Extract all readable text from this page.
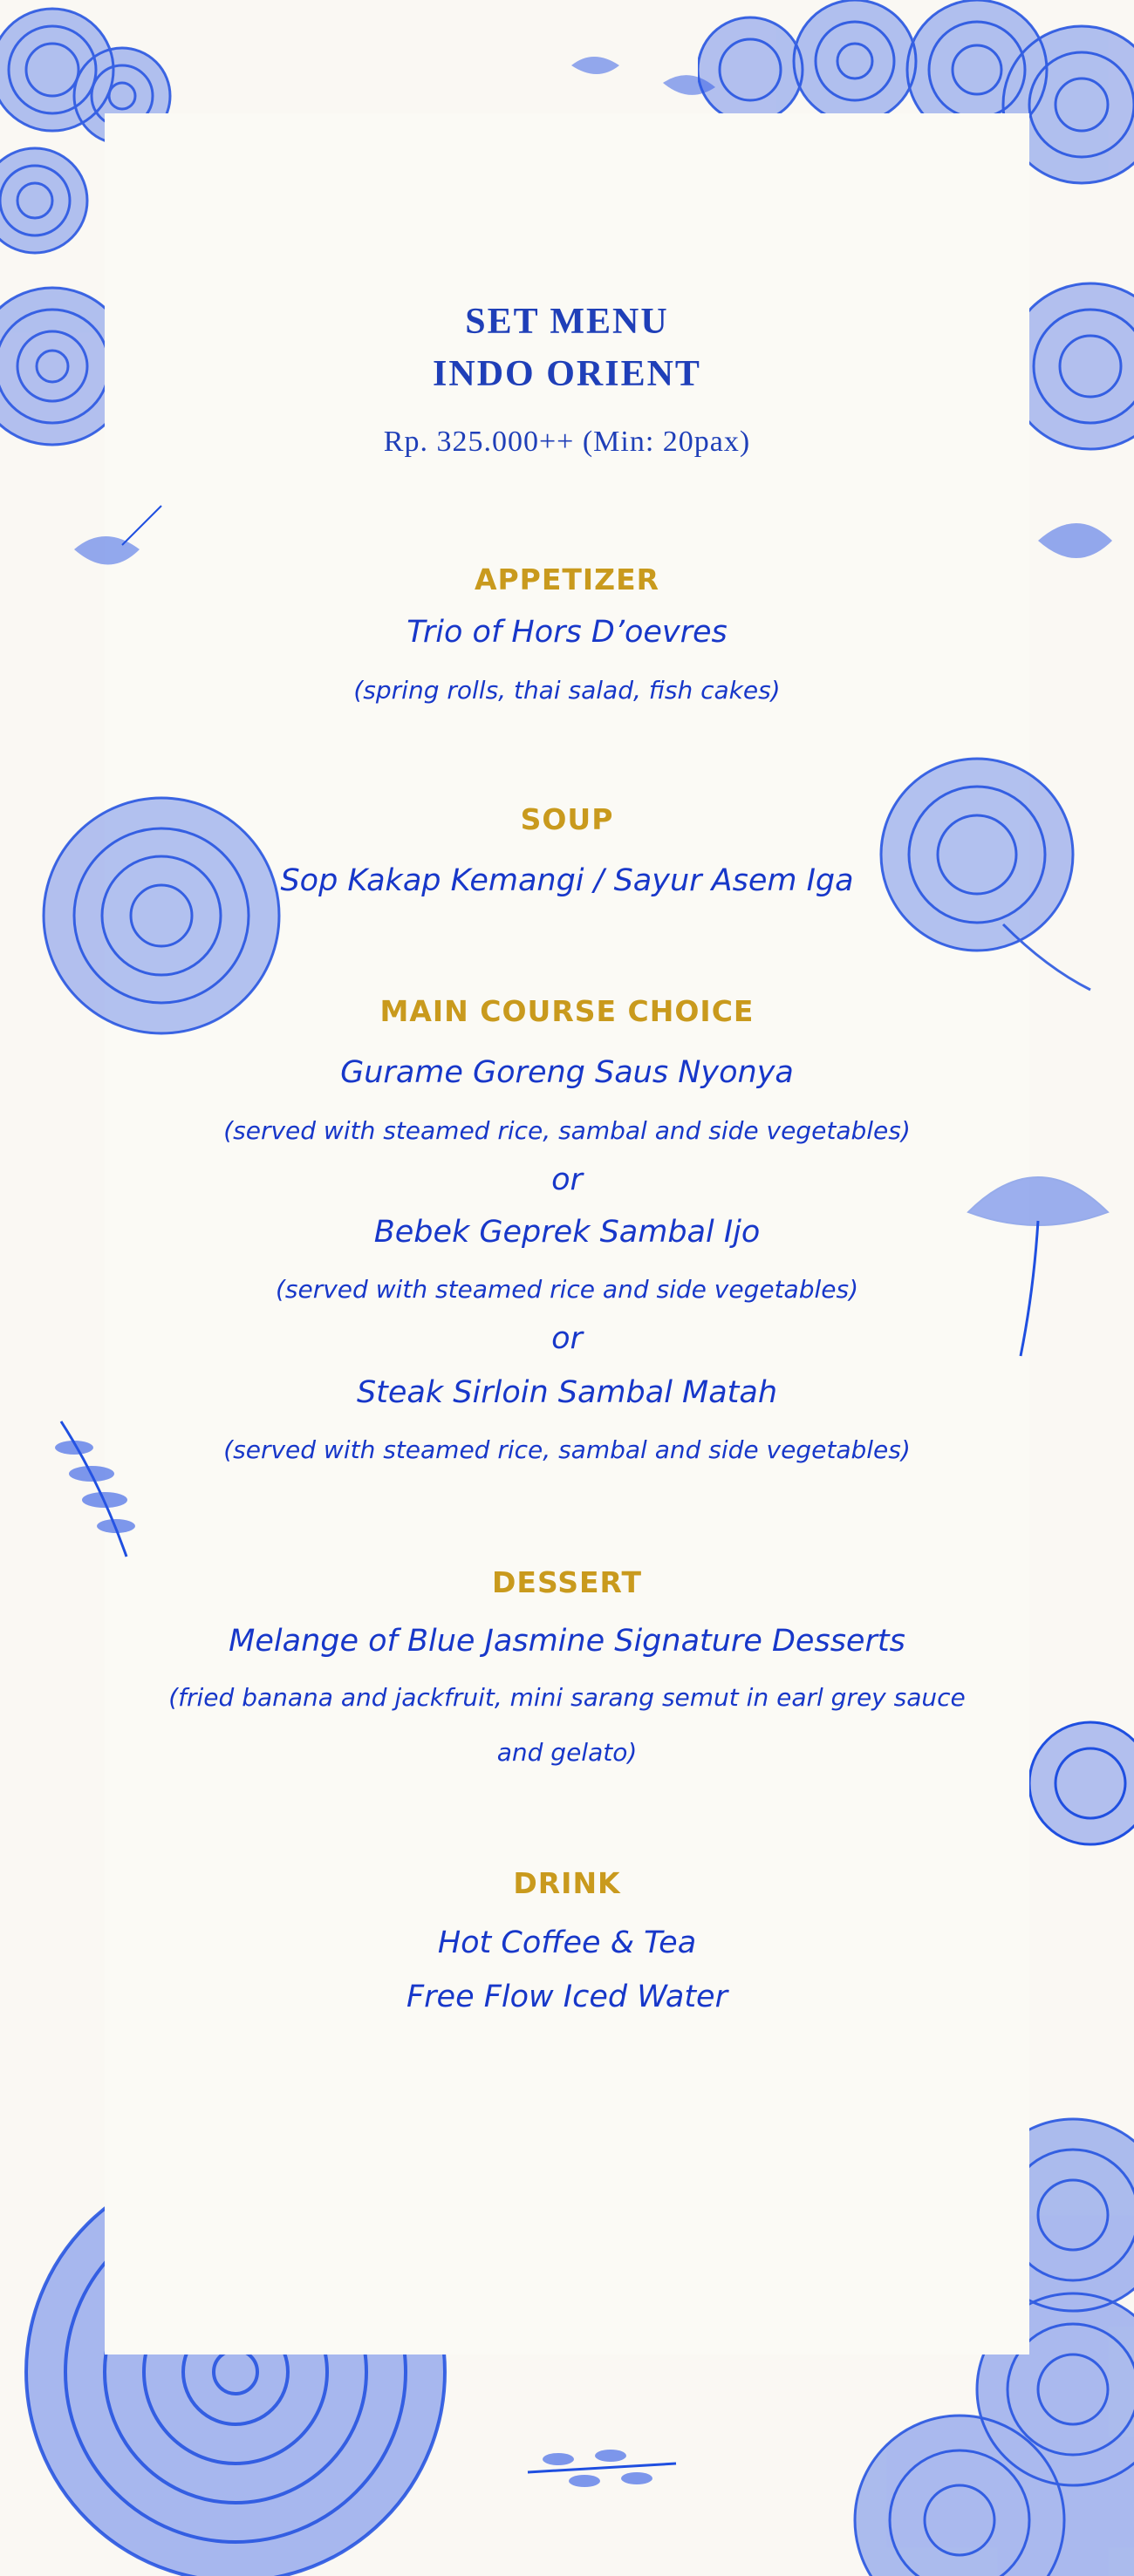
SET MENU
INDO ORIENT
Rp. 325.000++ (Min: 20pax)
APPETIZER
Trio of Hors D’oevres
(spring rolls, thai salad, fish cakes)
SOUP
Sop Kakap Kemangi / Sayur Asem Iga
MAIN COURSE CHOICE
Gurame Goreng Saus Nyonya
(served with steamed rice, sambal and side vegetables)
or
Bebek Geprek Sambal Ijo
(served with steamed rice and side vegetables)
or
Steak Sirloin Sambal Matah
(served with steamed rice, sambal and side vegetables)
DESSERT
Melange of Blue Jasmine Signature Desserts
(fried banana and jackfruit, mini sarang semut in earl grey sauce
and gelato)
DRINK
Hot Coffee & Tea
Free Flow Iced Water
